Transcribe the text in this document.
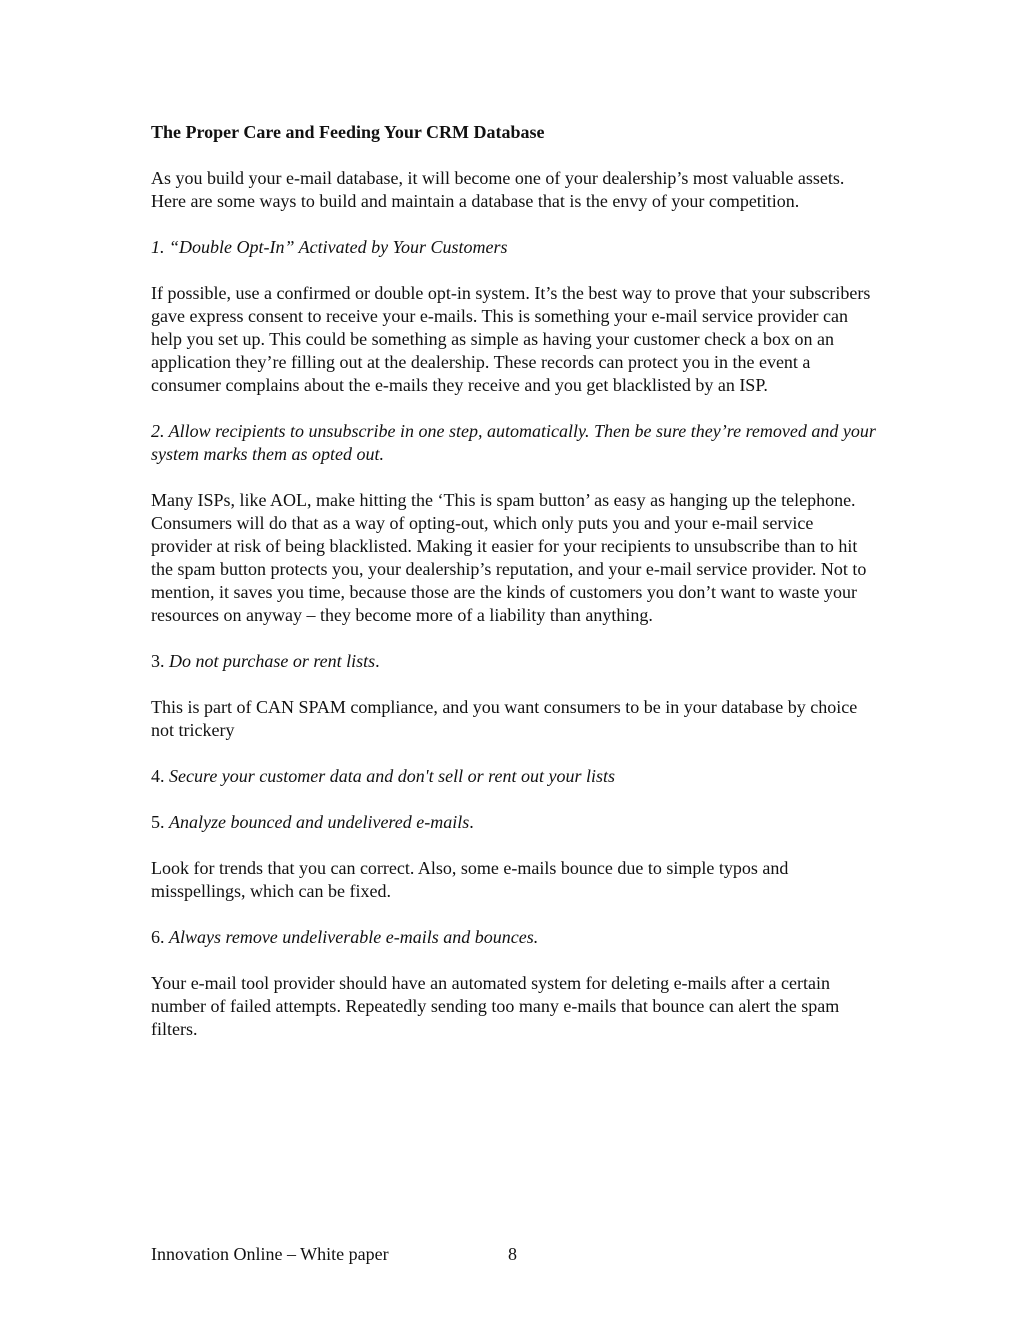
The Proper Care and Feeding Your CRM Database

As you build your e-mail database, it will become one of your dealership’s most valuable assets. Here are some ways to build and maintain a database that is the envy of your competition.

1. “Double Opt-In” Activated by Your Customers

If possible, use a confirmed or double opt-in system. It’s the best way to prove that your subscribers gave express consent to receive your e-mails. This is something your e-mail service provider can help you set up. This could be something as simple as having your customer check a box on an application they’re filling out at the dealership. These records can protect you in the event a consumer complains about the e-mails they receive and you get blacklisted by an ISP.

2. Allow recipients to unsubscribe in one step, automatically. Then be sure they’re removed and your system marks them as opted out.

Many ISPs, like AOL, make hitting the ‘This is spam button’ as easy as hanging up the telephone. Consumers will do that as a way of opting-out, which only puts you and your e-mail service provider at risk of being blacklisted. Making it easier for your recipients to unsubscribe than to hit the spam button protects you, your dealership’s reputation, and your e-mail service provider. Not to mention, it saves you time, because those are the kinds of customers you don’t want to waste your resources on anyway – they become more of a liability than anything.

3. Do not purchase or rent lists.

This is part of CAN SPAM compliance, and you want consumers to be in your database by choice not trickery

4. Secure your customer data and don't sell or rent out your lists

5. Analyze bounced and undelivered e-mails.

Look for trends that you can correct. Also, some e-mails bounce due to simple typos and misspellings, which can be fixed.

6. Always remove undeliverable e-mails and bounces.

Your e-mail tool provider should have an automated system for deleting e-mails after a certain number of failed attempts. Repeatedly sending too many e-mails that bounce can alert the spam filters.

Innovation Online – White paper	8
